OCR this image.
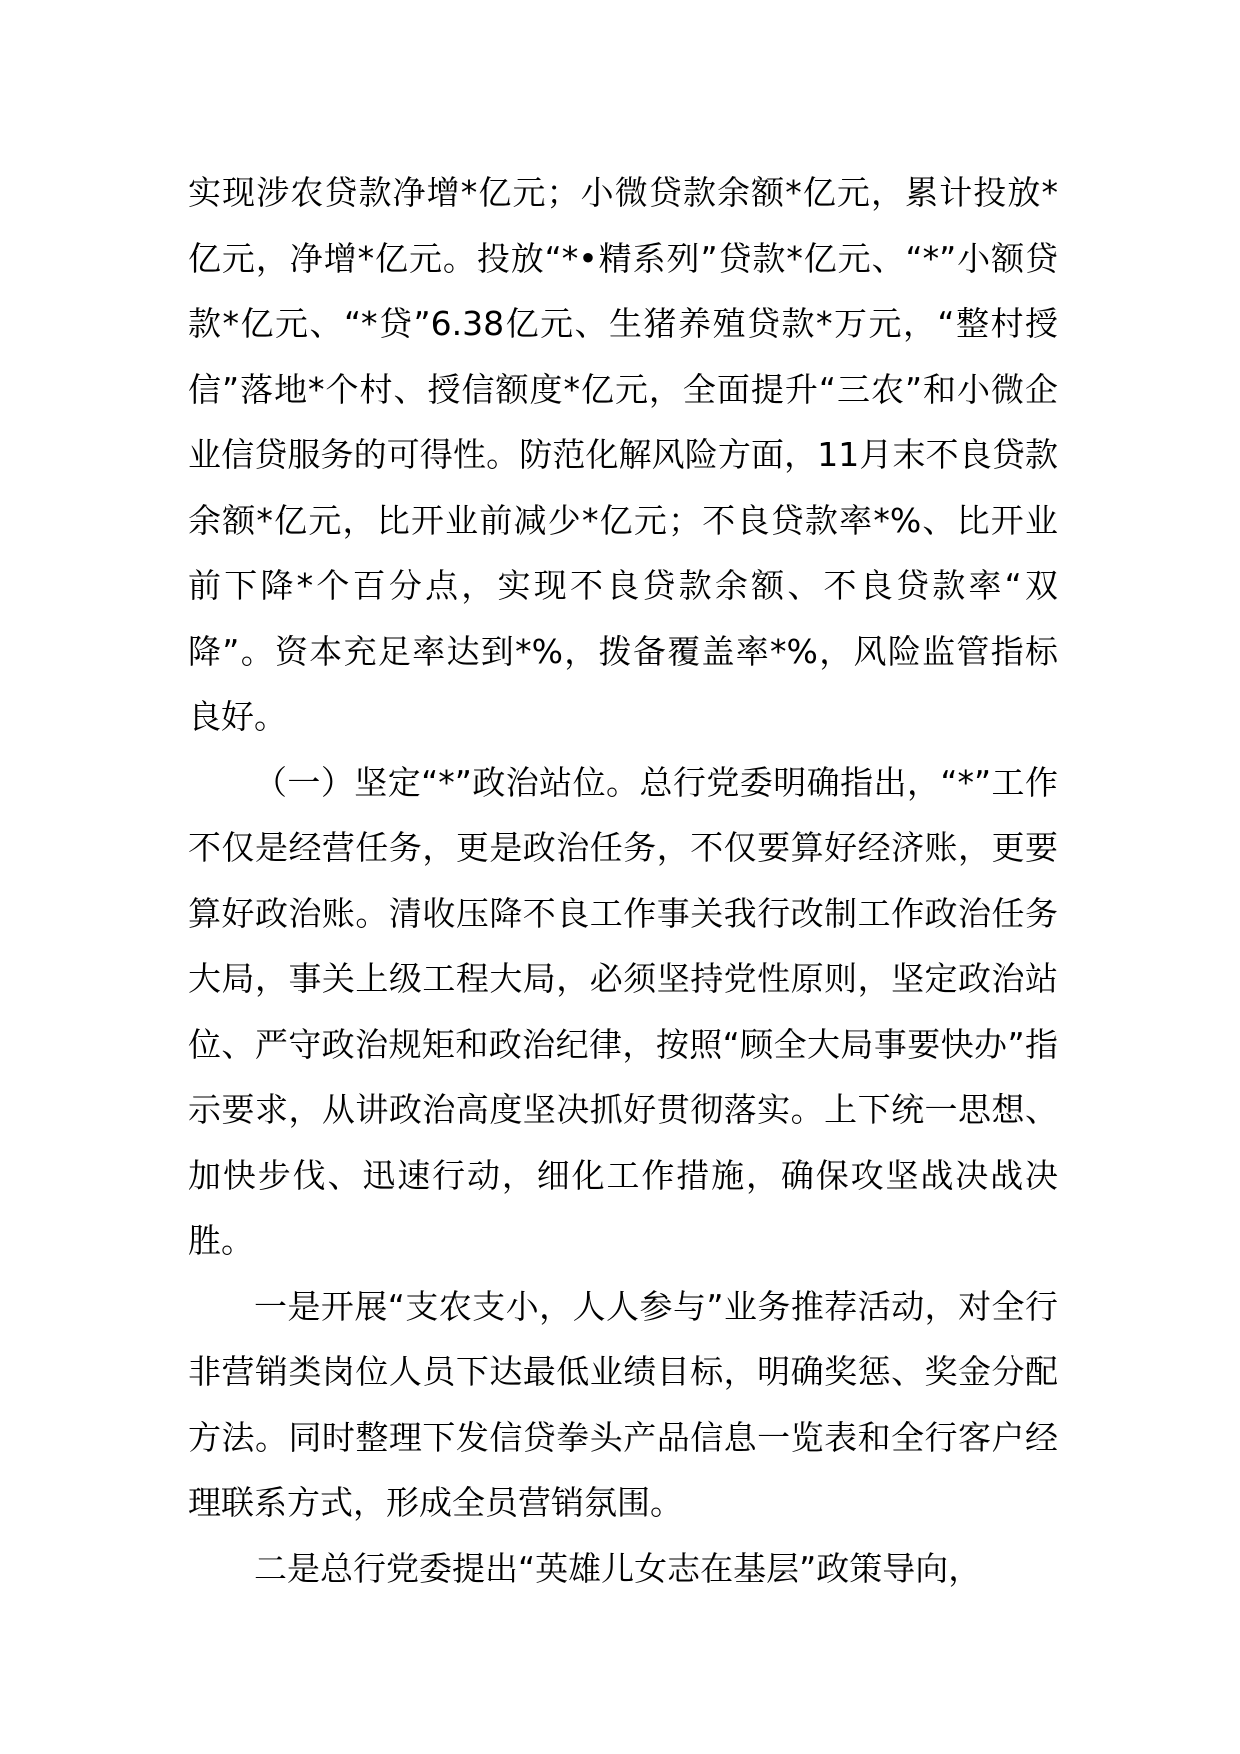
实现涉农贷款净增*亿元；小微贷款余额*亿元，累计投放*亿元，净增*亿元。投放“*•精系列”贷款*亿元、“*”小额贷款*亿元、“*贷”6.38亿元、生猪养殖贷款*万元，“整村授信”落地*个村、授信额度*亿元，全面提升“三农”和小微企业信贷服务的可得性。防范化解风险方面，11月末不良贷款余额*亿元，比开业前减少*亿元；不良贷款率*%、比开业前下降*个百分点，实现不良贷款余额、不良贷款率“双降”。资本充足率达到*%，拨备覆盖率*%，风险监管指标良好。

（一）坚定“*”政治站位。总行党委明确指出，“*”工作不仅是经营任务，更是政治任务，不仅要算好经济账，更要算好政治账。清收压降不良工作事关我行改制工作政治任务大局，事关上级工程大局，必须坚持党性原则，坚定政治站位、严守政治规矩和政治纪律，按照“顾全大局事要快办”指示要求，从讲政治高度坚决抓好贯彻落实。上下统一思想、加快步伐、迅速行动，细化工作措施，确保攻坚战决战决胜。

一是开展“支农支小，人人参与”业务推荐活动，对全行非营销类岗位人员下达最低业绩目标，明确奖惩、奖金分配方法。同时整理下发信贷拳头产品信息一览表和全行客户经理联系方式，形成全员营销氛围。

二是总行党委提出“英雄儿女志在基层”政策导向，
